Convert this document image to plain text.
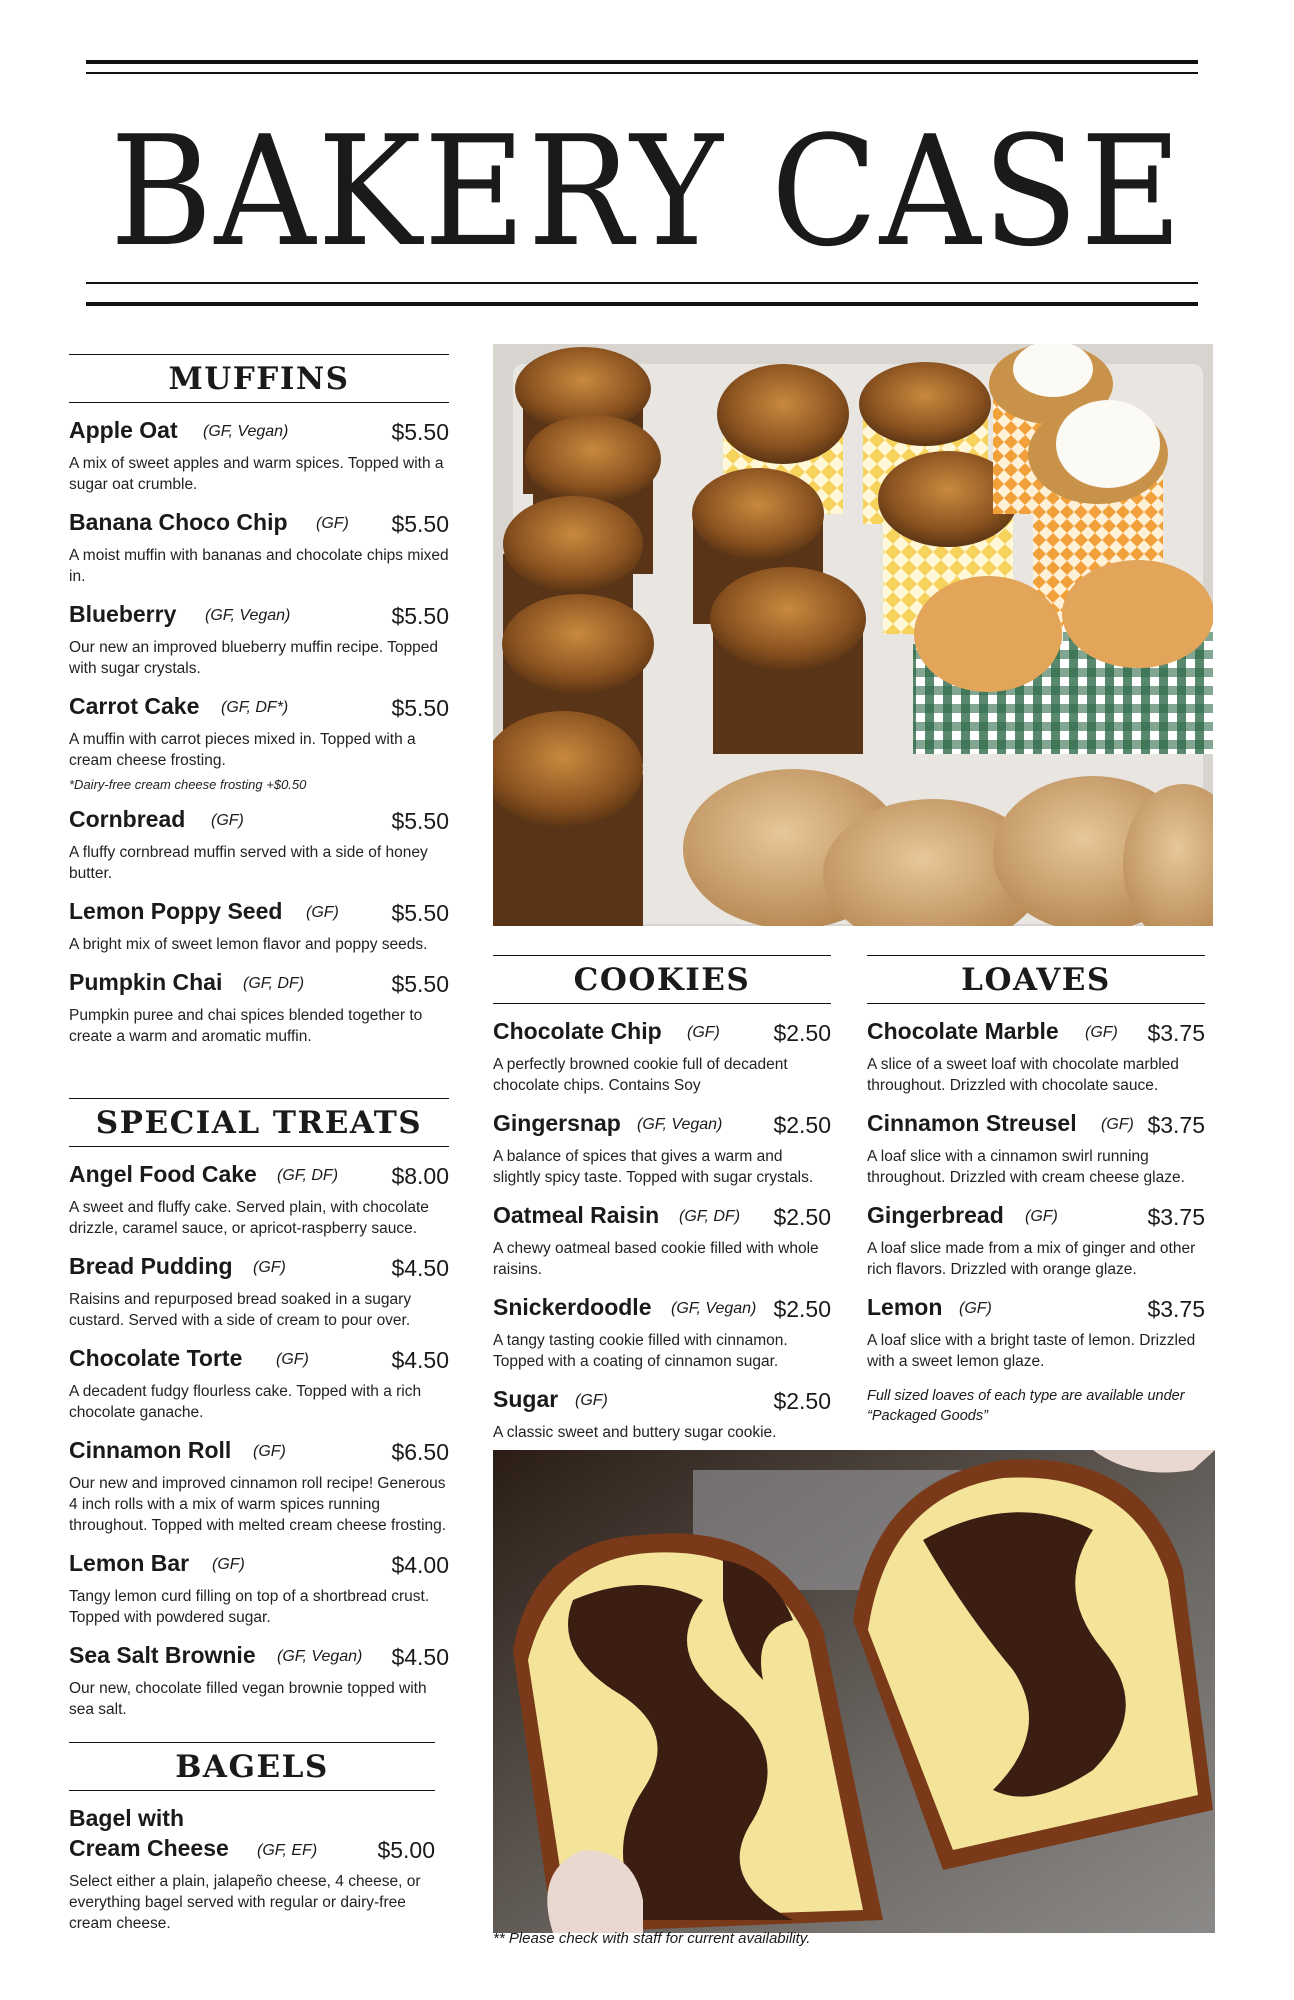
BAKERY CASE
MUFFINS
Apple Oat (GF, Vegan)	$5.50
A mix of sweet apples and warm spices. Topped with a sugar oat crumble.
Banana Choco Chip (GF) $5.50
A moist muffin with bananas and chocolate chips mixed in.
Blueberry (GF, Vegan)	$5.50
Our new an improved blueberry muffin recipe. Topped with sugar crystals.
Carrot Cake (GF, DF*)	$5.50
A muffin with carrot pieces mixed in. Topped with a cream cheese frosting.
*Dairy-free cream cheese frosting +$0.50
Cornbread (GF)	$5.50
A fluffy cornbread muffin served with a side of honey butter.
Lemon Poppy Seed (GF) $5.50
A bright mix of sweet lemon flavor and poppy seeds.
Pumpkin Chai (GF, DF)	$5.50
Pumpkin puree and chai spices blended together to create a warm and aromatic muffin.
SPECIAL TREATS
Angel Food Cake (GF, DF) $8.00
A sweet and fluffy cake. Served plain, with chocolate drizzle, caramel sauce, or apricot-raspberry sauce.
Bread Pudding (GF)	$4.50
Raisins and repurposed bread soaked in a sugary custard. Served with a side of cream to pour over.
Chocolate Torte (GF)	$4.50
A decadent fudgy flourless cake. Topped with a rich chocolate ganache.
Cinnamon Roll (GF)	$6.50
Our new and improved cinnamon roll recipe! Generous 4 inch rolls with a mix of warm spices running throughout. Topped with melted cream cheese frosting.
Lemon Bar (GF)	$4.00
Tangy lemon curd filling on top of a shortbread crust. Topped with powdered sugar.
Sea Salt Brownie (GF, Vegan) $4.50
Our new, chocolate filled vegan brownie topped with sea salt.
BAGELS
Bagel with
Cream Cheese (GF, EF)	$5.00
Select either a plain, jalapeño cheese, 4 cheese, or everything bagel served with regular or dairy-free cream cheese.
COOKIES
Chocolate Chip (GF) $2.50
A perfectly browned cookie full of decadent chocolate chips. Contains Soy
Gingersnap (GF, Vegan) $2.50
A balance of spices that gives a warm and slightly spicy taste. Topped with sugar crystals.
Oatmeal Raisin (GF, DF) $2.50
A chewy oatmeal based cookie filled with whole raisins.
Snickerdoodle (GF, Vegan) $2.50
A tangy tasting cookie filled with cinnamon. Topped with a coating of cinnamon sugar.
Sugar (GF)	$2.50
A classic sweet and buttery sugar cookie.
LOAVES
Chocolate Marble (GF) $3.75
A slice of a sweet loaf with chocolate marbled throughout. Drizzled with chocolate sauce.
Cinnamon Streusel (GF) $3.75
A loaf slice with a cinnamon swirl running throughout. Drizzled with cream cheese glaze.
Gingerbread (GF)	$3.75
A loaf slice made from a mix of ginger and other rich flavors. Drizzled with orange glaze.
Lemon (GF)	$3.75
A loaf slice with a bright taste of lemon. Drizzled with a sweet lemon glaze.
Full sized loaves of each type are available under “Packaged Goods”
** Please check with staff for current availability.
